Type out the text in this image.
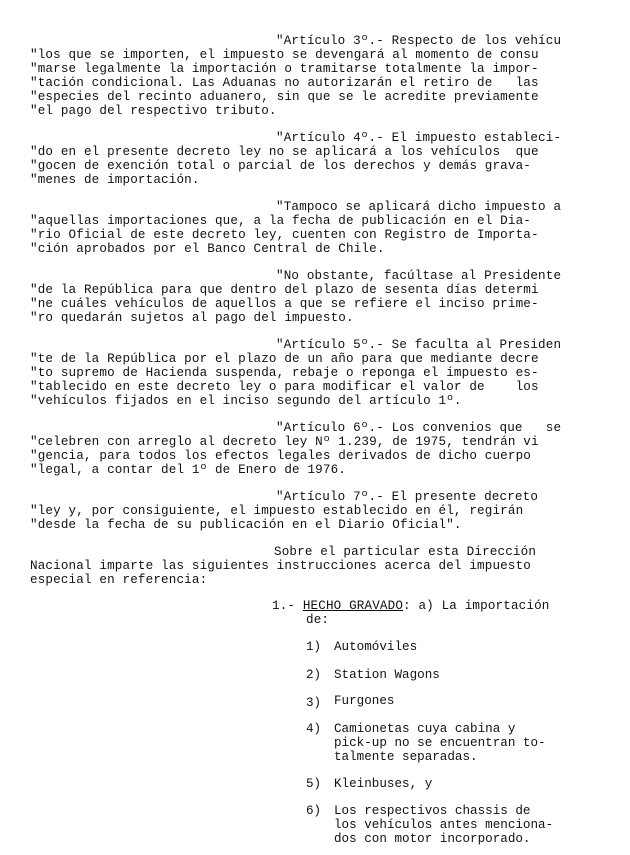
"Artículo 3º.- Respecto de los vehícu
"los que se importen, el impuesto se devengará al momento de consu
"marse legalmente la importación o tramitarse totalmente la impor-
"tación condicional. Las Aduanas no autorizarán el retiro de   las
"especies del recinto aduanero, sin que se le acredite previamente
"el pago del respectivo tributo.
"Artículo 4º.- El impuesto estableci-
"do en el presente decreto ley no se aplicará a los vehículos  que
"gocen de exención total o parcial de los derechos y demás grava-
"menes de importación.
"Tampoco se aplicará dicho impuesto a
"aquellas importaciones que, a la fecha de publicación en el Dia-
"rio Oficial de este decreto ley, cuenten con Registro de Importa-
"ción aprobados por el Banco Central de Chile.
"No obstante, facúltase al Presidente
"de la República para que dentro del plazo de sesenta días determi
"ne cuáles vehículos de aquellos a que se refiere el inciso prime-
"ro quedarán sujetos al pago del impuesto.
"Artículo 5º.- Se faculta al Presiden
"te de la República por el plazo de un año para que mediante decre
"to supremo de Hacienda suspenda, rebaje o reponga el impuesto es-
"tablecido en este decreto ley o para modificar el valor de    los
"vehículos fijados en el inciso segundo del artículo 1º.
"Artículo 6º.- Los convenios que   se
"celebren con arreglo al decreto ley Nº 1.239, de 1975, tendrán vi
"gencia, para todos los efectos legales derivados de dicho cuerpo
"legal, a contar del 1º de Enero de 1976.
"Artículo 7º.- El presente decreto
"ley y, por consiguiente, el impuesto establecido en él, regirán
"desde la fecha de su publicación en el Diario Oficial".
Sobre el particular esta Dirección
Nacional imparte las siguientes instrucciones acerca del impuesto
especial en referencia:
1.- HECHO GRAVADO: a) La importación
de:
1) Automóviles
2) Station Wagons
3) Furgones
4) Camionetas cuya cabina y
pick-up no se encuentran to-
talmente separadas.
5) Kleinbuses, y
6) Los respectivos chassis de
los vehículos antes menciona-
dos con motor incorporado.
